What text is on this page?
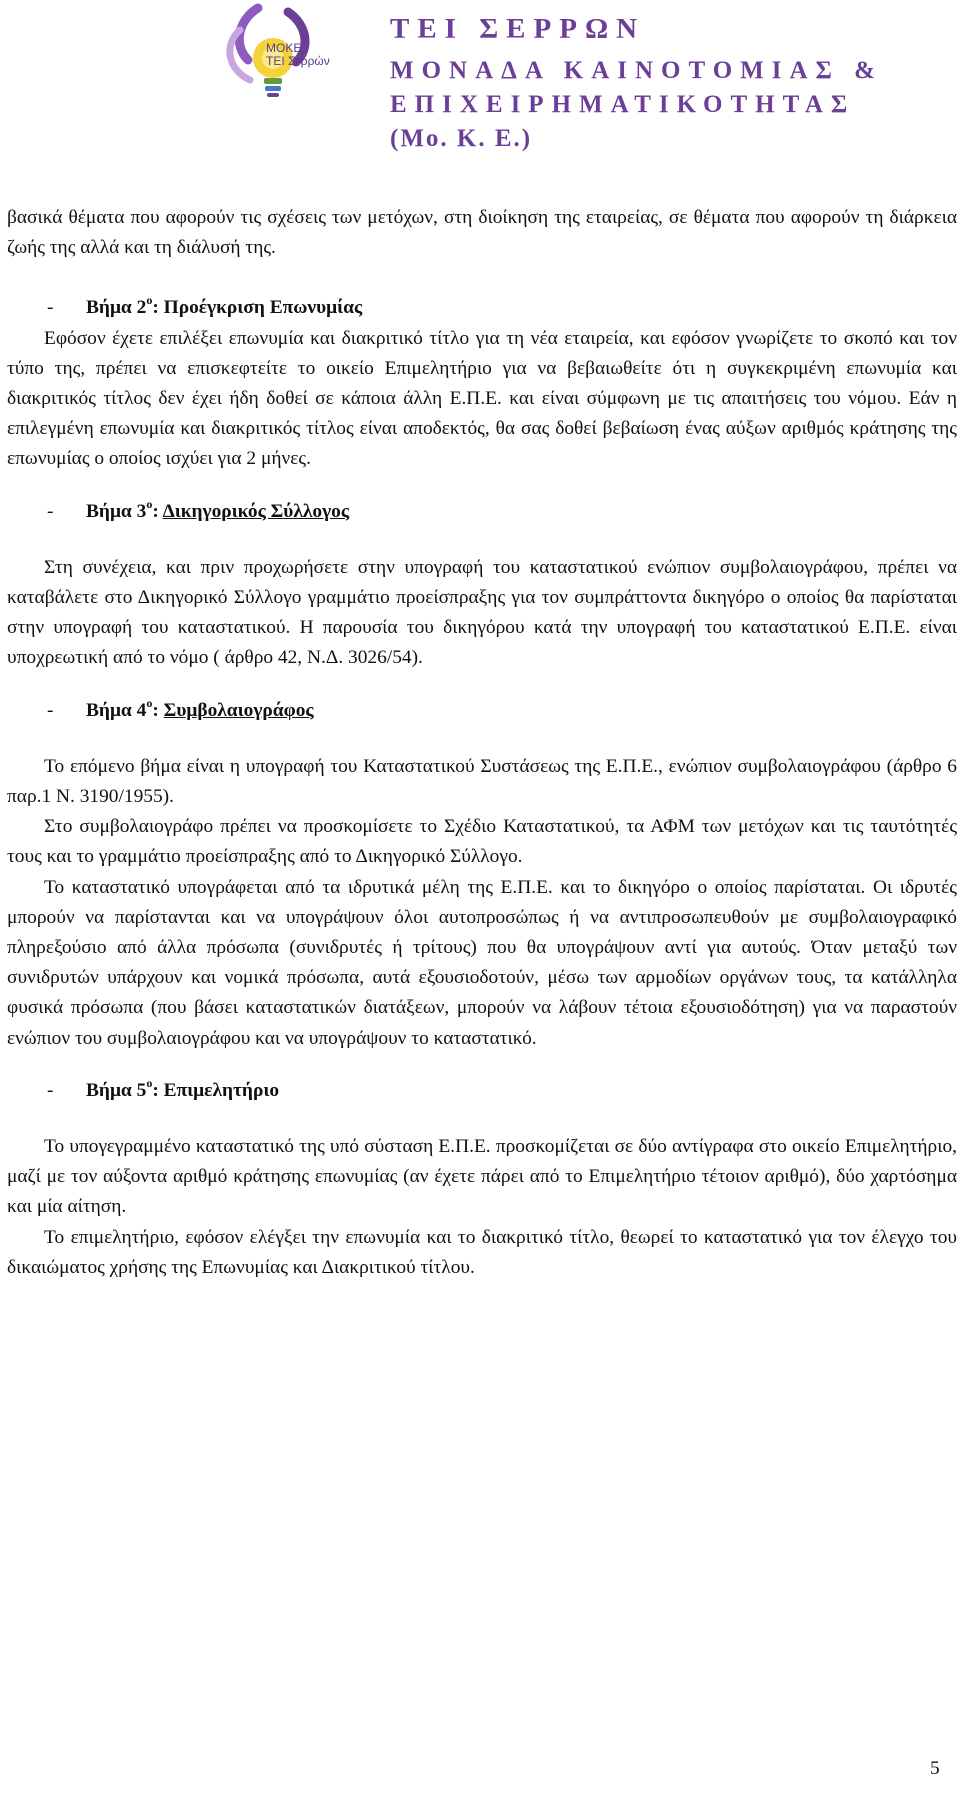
ΜΟΚΕ
ΤΕΙ Σερρών
ΤΕΙ ΣΕΡΡΩΝ
ΜΟΝΑΔΑ ΚΑΙΝΟΤΟΜΙΑΣ &
ΕΠΙΧΕΙΡΗΜΑΤΙΚΟΤΗΤΑΣ
(Μο. Κ. Ε.)

βασικά θέματα που αφορούν τις σχέσεις των μετόχων, στη διοίκηση της εταιρείας, σε θέματα που αφορούν τη διάρκεια ζωής της αλλά και τη διάλυσή της.

- Βήμα $2^o$: Προέγκριση Επωνυμίας

Εφόσον έχετε επιλέξει επωνυμία και διακριτικό τίτλο για τη νέα εταιρεία, και εφόσον γνωρίζετε το σκοπό και τον τύπο της, πρέπει να επισκεφτείτε το οικείο Επιμελητήριο για να βεβαιωθείτε ότι η συγκεκριμένη επωνυμία και διακριτικός τίτλος δεν έχει ήδη δοθεί σε κάποια άλλη Ε.Π.Ε. και είναι σύμφωνη με τις απαιτήσεις του νόμου. Εάν η επιλεγμένη επωνυμία και διακριτικός τίτλος είναι αποδεκτός, θα σας δοθεί βεβαίωση ένας αύξων αριθμός κράτησης της επωνυμίας ο οποίος ισχύει για 2 μήνες.

- Βήμα $3^o$: Δικηγορικός Σύλλογος

Στη συνέχεια, και πριν προχωρήσετε στην υπογραφή του καταστατικού ενώπιον συμβολαιογράφου, πρέπει να καταβάλετε στο Δικηγορικό Σύλλογο γραμμάτιο προείσπραξης για τον συμπράττοντα δικηγόρο ο οποίος θα παρίσταται στην υπογραφή του καταστατικού. Η παρουσία του δικηγόρου κατά την υπογραφή του καταστατικού Ε.Π.Ε. είναι υποχρεωτική από το νόμο ( άρθρο 42, Ν.Δ. 3026/54).

- Βήμα $4^o$: Συμβολαιογράφος

Το επόμενο βήμα είναι η υπογραφή του Καταστατικού Συστάσεως της Ε.Π.Ε., ενώπιον συμβολαιογράφου (άρθρο 6 παρ.1 Ν. 3190/1955).

Στο συμβολαιογράφο πρέπει να προσκομίσετε το Σχέδιο Καταστατικού, τα ΑΦΜ των μετόχων και τις ταυτότητές τους και το γραμμάτιο προείσπραξης από το Δικηγορικό Σύλλογο.

Το καταστατικό υπογράφεται από τα ιδρυτικά μέλη της Ε.Π.Ε. και το δικηγόρο ο οποίος παρίσταται. Οι ιδρυτές μπορούν να παρίστανται και να υπογράψουν όλοι αυτοπροσώπως ή να αντιπροσωπευθούν με συμβολαιογραφικό πληρεξούσιο από άλλα πρόσωπα (συνιδρυτές ή τρίτους) που θα υπογράψουν αντί για αυτούς. Όταν μεταξύ των συνιδρυτών υπάρχουν και νομικά πρόσωπα, αυτά εξουσιοδοτούν, μέσω των αρμοδίων οργάνων τους, τα κατάλληλα φυσικά πρόσωπα (που βάσει καταστατικών διατάξεων, μπορούν να λάβουν τέτοια εξουσιοδότηση) για να παραστούν ενώπιον του συμβολαιογράφου και να υπογράψουν το καταστατικό.

- Βήμα $5^o$: Επιμελητήριο

Το υπογεγραμμένο καταστατικό της υπό σύσταση Ε.Π.Ε. προσκομίζεται σε δύο αντίγραφα στο οικείο Επιμελητήριο, μαζί με τον αύξοντα αριθμό κράτησης επωνυμίας (αν έχετε πάρει από το Επιμελητήριο τέτοιον αριθμό), δύο χαρτόσημα και μία αίτηση.

Το επιμελητήριο, εφόσον ελέγξει την επωνυμία και το διακριτικό τίτλο, θεωρεί το καταστατικό για τον έλεγχο του δικαιώματος χρήσης της Επωνυμίας και Διακριτικού τίτλου.

5
